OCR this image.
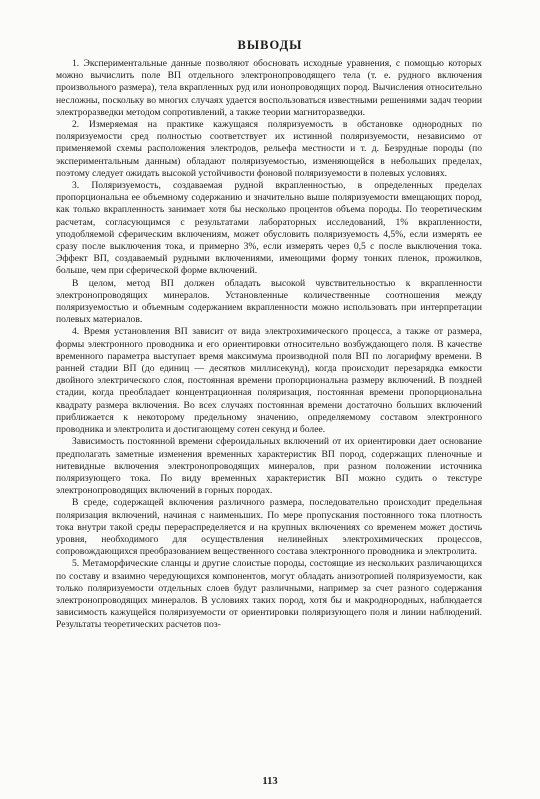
ВЫВОДЫ

1. Экспериментальные данные позволяют обосновать исходные уравнения, с помощью которых можно вычислить поле ВП отдельного электронопроводящего тела (т. е. рудного включения произвольного размера), тела вкрапленных руд или ионопроводящих пород. Вычисления относительно несложны, поскольку во многих случаях удается воспользоваться известными решениями задач теории электроразведки методом сопротивлений, а также теории магниторазведки.

2. Измеряемая на практике кажущаяся поляризуемость в обстановке однородных по поляризуемости сред полностью соответствует их истинной поляризуемости, независимо от применяемой схемы расположения электродов, рельефа местности и т. д. Безрудные породы (по экспериментальным данным) обладают поляризуемостью, изменяющейся в небольших пределах, поэтому следует ожидать высокой устойчивости фоновой поляризуемости в полевых условиях.

3. Поляризуемость, создаваемая рудной вкрапленностью, в определенных пределах пропорциональна ее объемному содержанию и значительно выше поляризуемости вмещающих пород, как только вкрапленность занимает хотя бы несколько процентов объема породы. По теоретическим расчетам, согласующимся с результатами лабораторных исследований, 1% вкрапленности, уподобляемой сферическим включениям, может обусловить поляризуемость 4,5%, если измерять ее сразу после выключения тока, и примерно 3%, если измерять через 0,5 с после выключения тока. Эффект ВП, создаваемый рудными включениями, имеющими форму тонких пленок, прожилков, больше, чем при сферической форме включений.

В целом, метод ВП должен обладать высокой чувствительностью к вкрапленности электронопроводящих минералов. Установленные количественные соотношения между поляризуемостью и объемным содержанием вкрапленности можно использовать при интерпретации полевых материалов.

4. Время установления ВП зависит от вида электрохимического процесса, а также от размера, формы электронного проводника и его ориентировки относительно возбуждающего поля. В качестве временного параметра выступает время максимума производной поля ВП по логарифму времени. В ранней стадии ВП (до единиц — десятков миллисекунд), когда происходит перезарядка емкости двойного электрического слоя, постоянная времени пропорциональна размеру включений. В поздней стадии, когда преобладает концентрационная поляризация, постоянная времени пропорциональна квадрату размера включения. Во всех случаях постоянная времени достаточно больших включений приближается к некоторому предельному значению, определяемому составом электронного проводника и электролита и достигающему сотен секунд и более.

Зависимость постоянной времени сфероидальных включений от их ориентировки дает основание предполагать заметные изменения временных характеристик ВП пород, содержащих пленочные и нитевидные включения электронопроводящих минералов, при разном положении источника поляризующего тока. По виду временных характеристик ВП можно судить о текстуре электронопроводящих включений в горных породах.

В среде, содержащей включения различного размера, последовательно происходит предельная поляризация включений, начиная с наименьших. По мере пропускания постоянного тока плотность тока внутри такой среды перераспределяется и на крупных включениях со временем может достичь уровня, необходимого для осуществления нелинейных электрохимических процессов, сопровождающихся преобразованием вещественного состава электронного проводника и электролита.

5. Метаморфические сланцы и другие слоистые породы, состоящие из нескольких различающихся по составу и взаимно чередующихся компонентов, могут обладать анизотропией поляризуемости, как только поляризуемости отдельных слоев будут различными, например за счет разного содержания электронопроводящих минералов. В условиях таких пород, хотя бы и макроднородных, наблюдается зависимость кажущейся поляризуемости от ориентировки поляризующего поля и линии наблюдений. Результаты теоретических расчетов поз-

113
